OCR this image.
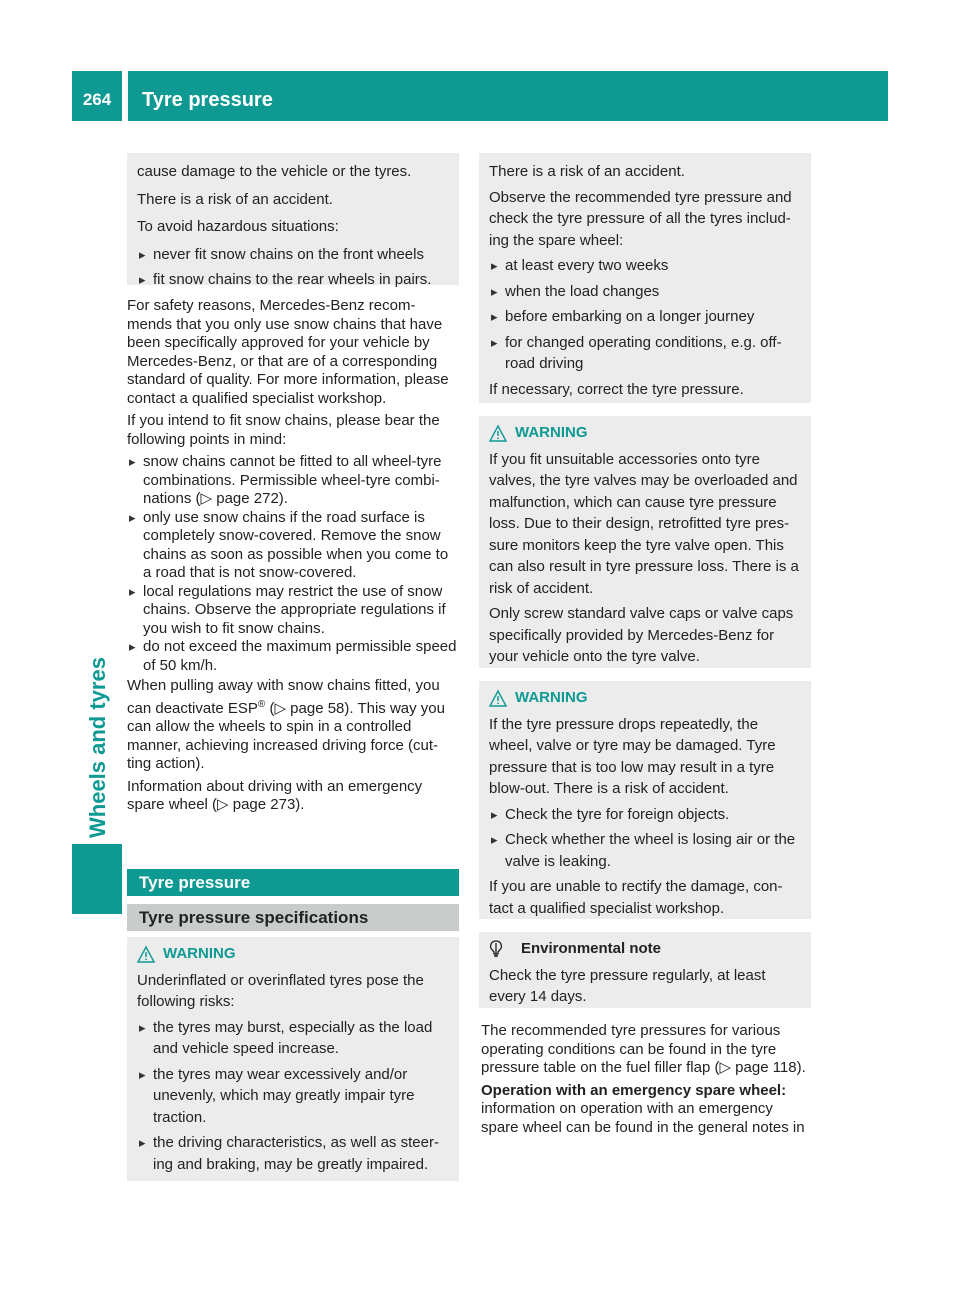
264	Tyre pressure
Wheels and tyres

cause damage to the vehicle or the tyres.

There is a risk of an accident.

To avoid hazardous situations:

▸ never fit snow chains on the front wheels
▸ fit snow chains to the rear wheels in pairs.

For safety reasons, Mercedes-Benz recom-mends that you only use snow chains that have been specifically approved for your vehicle by Mercedes-Benz, or that are of a corresponding standard of quality. For more information, please contact a qualified specialist workshop.

If you intend to fit snow chains, please bear the following points in mind:

▸ snow chains cannot be fitted to all wheel-tyre combinations. Permissible wheel-tyre combi-nations (▷ page 272).
▸ only use snow chains if the road surface is completely snow-covered. Remove the snow chains as soon as possible when you come to a road that is not snow-covered.
▸ local regulations may restrict the use of snow chains. Observe the appropriate regulations if you wish to fit snow chains.
▸ do not exceed the maximum permissible speed of 50 km/h.

When pulling away with snow chains fitted, you can deactivate ESP® (▷ page 58). This way you can allow the wheels to spin in a controlled manner, achieving increased driving force (cut-ting action).

Information about driving with an emergency spare wheel (▷ page 273).

Tyre pressure
Tyre pressure specifications
WARNING

Underinflated or overinflated tyres pose the following risks:

▸ the tyres may burst, especially as the load and vehicle speed increase.
▸ the tyres may wear excessively and/or unevenly, which may greatly impair tyre traction.
▸ the driving characteristics, as well as steer-ing and braking, may be greatly impaired.

There is a risk of an accident.

Observe the recommended tyre pressure and check the tyre pressure of all the tyres includ-ing the spare wheel:

▸ at least every two weeks
▸ when the load changes
▸ before embarking on a longer journey
▸ for changed operating conditions, e.g. off-road driving

If necessary, correct the tyre pressure.

WARNING

If you fit unsuitable accessories onto tyre valves, the tyre valves may be overloaded and malfunction, which can cause tyre pressure loss. Due to their design, retrofitted tyre pres-sure monitors keep the tyre valve open. This can also result in tyre pressure loss. There is a risk of accident.

Only screw standard valve caps or valve caps specifically provided by Mercedes-Benz for your vehicle onto the tyre valve.

WARNING

If the tyre pressure drops repeatedly, the wheel, valve or tyre may be damaged. Tyre pressure that is too low may result in a tyre blow-out. There is a risk of accident.

▸ Check the tyre for foreign objects.
▸ Check whether the wheel is losing air or the valve is leaking.

If you are unable to rectify the damage, con-tact a qualified specialist workshop.

Environmental note

Check the tyre pressure regularly, at least every 14 days.

The recommended tyre pressures for various operating conditions can be found in the tyre pressure table on the fuel filler flap (▷ page 118).

Operation with an emergency spare wheel:

information on operation with an emergency spare wheel can be found in the general notes in
